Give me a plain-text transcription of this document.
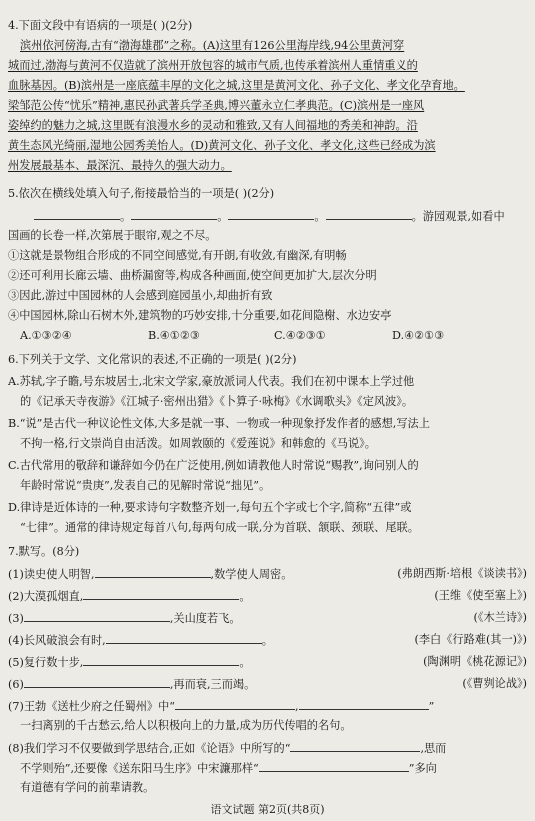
4.下面文段中有语病的一项是( )(2分)
滨州依河傍海,古有“渤海雄郡”之称。(A)这里有126公里海岸线,94公里黄河穿
城而过,渤海与黄河不仅造就了滨州开放包容的城市气质,也传承着滨州人重情重义的
血脉基因。(B)滨州是一座底蕴丰厚的文化之城,这里是黄河文化、孙子文化、孝文化孕育地。
梁邹范公传“忧乐”精神,惠民孙武著兵学圣典,博兴董永立仁孝典范。(C)滨州是一座风
姿绰约的魅力之城,这里既有浪漫水乡的灵动和雅致,又有人间福地的秀美和神韵。沿
黄生态风光绮丽,湿地公园秀美怡人。(D)黄河文化、孙子文化、孝文化,这些已经成为滨
州发展最基本、最深沉、最持久的强大动力。
5.依次在横线处填入句子,衔接最恰当的一项是( )(2分)
。	。	。	。游园观景,如看中
国画的长卷一样,次第展于眼帘,观之不尽。
①这就是景物组合形成的不同空间感觉,有开朗,有收敛,有幽深,有明畅
②还可利用长廊云墙、曲桥漏窗等,构成各种画面,使空间更加扩大,层次分明
③因此,游过中国园林的人会感到庭园虽小,却曲折有致
④中国园林,除山石树木外,建筑物的巧妙安排,十分重要,如花间隐榭、水边安亭
A.①③②④	B.④①②③	C.④②③①	D.④②①③
6.下列关于文学、文化常识的表述,不正确的一项是( )(2分)
A.苏轼,字子瞻,号东坡居士,北宋文学家,豪放派词人代表。我们在初中课本上学过他
的《记承天寺夜游》《江城子·密州出猎》《卜算子·咏梅》《水调歌头》《定风波》。
B.“说”是古代一种议论性文体,大多是就一事、一物或一种现象抒发作者的感想,写法上
不拘一格,行文崇尚自由活泼。如周敦颐的《爱莲说》和韩愈的《马说》。
C.古代常用的敬辞和谦辞如今仍在广泛使用,例如请教他人时常说“赐教”,询问别人的
年龄时常说“贵庚”,发表自己的见解时常说“拙见”。
D.律诗是近体诗的一种,要求诗句字数整齐划一,每句五个字或七个字,简称“五律”或
“七律”。通常的律诗规定每首八句,每两句成一联,分为首联、颔联、颈联、尾联。
7.默写。(8分)
(1)读史使人明智,	,数学使人周密。	(弗朗西斯·培根《谈读书》)
(2)大漠孤烟直,	。	(王维《使至塞上》)
(3)	,关山度若飞。	(《木兰诗》)
(4)长风破浪会有时,	。	(李白《行路难(其一)》)
(5)复行数十步,	。	(陶渊明《桃花源记》)
(6)	,再而衰,三而竭。	(《曹刿论战》)
(7)王勃《送杜少府之任蜀州》中“	,	”
一扫离别的千古愁云,给人以积极向上的力量,成为历代传唱的名句。
(8)我们学习不仅要做到学思结合,正如《论语》中所写的“	,思而
不学则殆”,还要像《送东阳马生序》中宋濂那样“	”多向
有道德有学问的前辈请教。
语文试题 第2页(共8页)
